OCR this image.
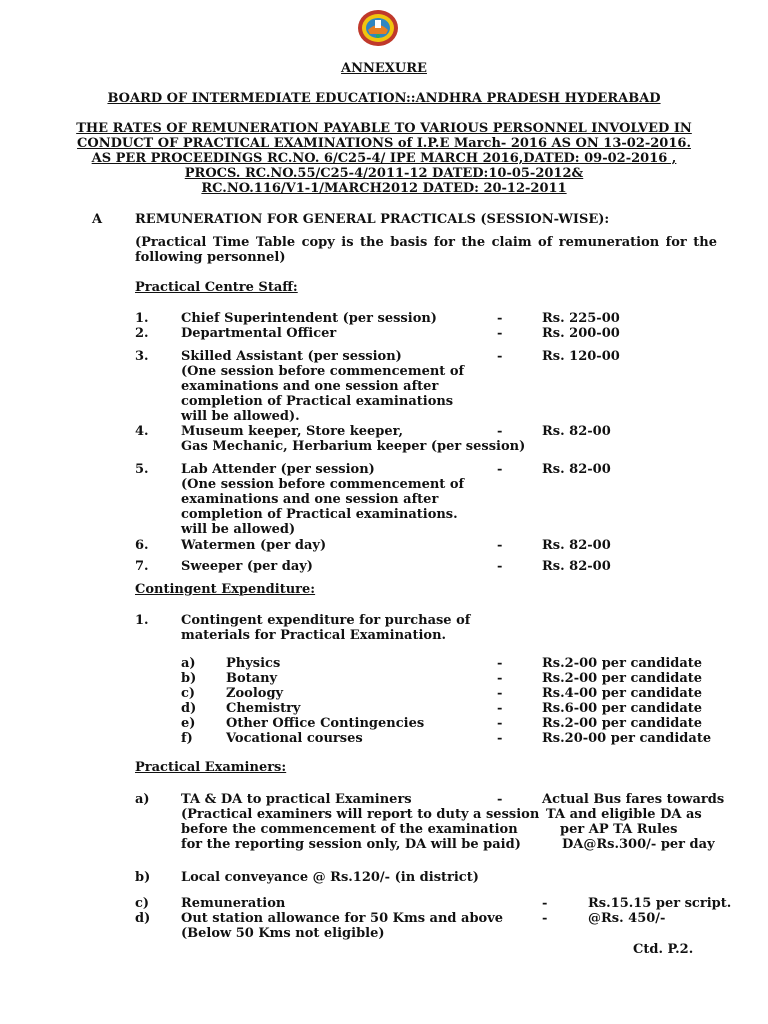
ANNEXURE
BOARD OF INTERMEDIATE EDUCATION::ANDHRA PRADESH HYDERABAD
THE RATES OF REMUNERATION PAYABLE TO VARIOUS PERSONNEL INVOLVED IN
CONDUCT OF PRACTICAL EXAMINATIONS of I.P.E March- 2016 AS ON 13-02-2016.
AS PER PROCEEDINGS RC.NO. 6/C25-4/ IPE MARCH 2016,DATED: 09-02-2016 ,
PROCS. RC.NO.55/C25-4/2011-12 DATED:10-05-2012&
RC.NO.116/V1-1/MARCH2012 DATED: 20-12-2011
A	REMUNERATION FOR GENERAL PRACTICALS (SESSION-WISE):
(Practical Time Table copy is the basis for the claim of remuneration for the following personnel)
Practical Centre Staff:
1. Chief Superintendent (per session)	-	Rs. 225-00
2. Departmental Officer	-	Rs. 200-00
3. Skilled Assistant (per session)
(One session before commencement of
examinations and one session after
completion of Practical examinations
will be allowed).
-	Rs. 120-00
4. Museum keeper, Store keeper,
Gas Mechanic, Herbarium keeper (per session)
-	Rs. 82-00
5. Lab Attender (per session)
(One session before commencement of
examinations and one session after
completion of Practical examinations.
will be allowed)
-	Rs. 82-00
6. Watermen (per day)	-	Rs. 82-00
7. Sweeper (per day)	-	Rs. 82-00
Contingent Expenditure:
1. Contingent expenditure for purchase of
materials for Practical Examination.
a) Physics	-	Rs.2-00 per candidate
b) Botany	-	Rs.2-00 per candidate
c) Zoology	-	Rs.4-00 per candidate
d) Chemistry	-	Rs.6-00 per candidate
e) Other Office Contingencies	-	Rs.2-00 per candidate
f)	Vocational courses	-	Rs.20-00 per candidate
Practical Examiners:
a) TA & DA to practical Examiners
(Practical examiners will report to duty a session
before the commencement of the examination
for the reporting session only, DA will be paid)
-	Actual Bus fares towards
TA and eligible DA as
per AP TA Rules
DA@Rs.300/- per day
b) Local conveyance @ Rs.120/- (in district)
c) Remuneration	-	Rs.15.15 per script.
d) Out station allowance for 50 Kms and above
(Below 50 Kms not eligible)
-	@Rs. 450/-
Ctd. P.2.
